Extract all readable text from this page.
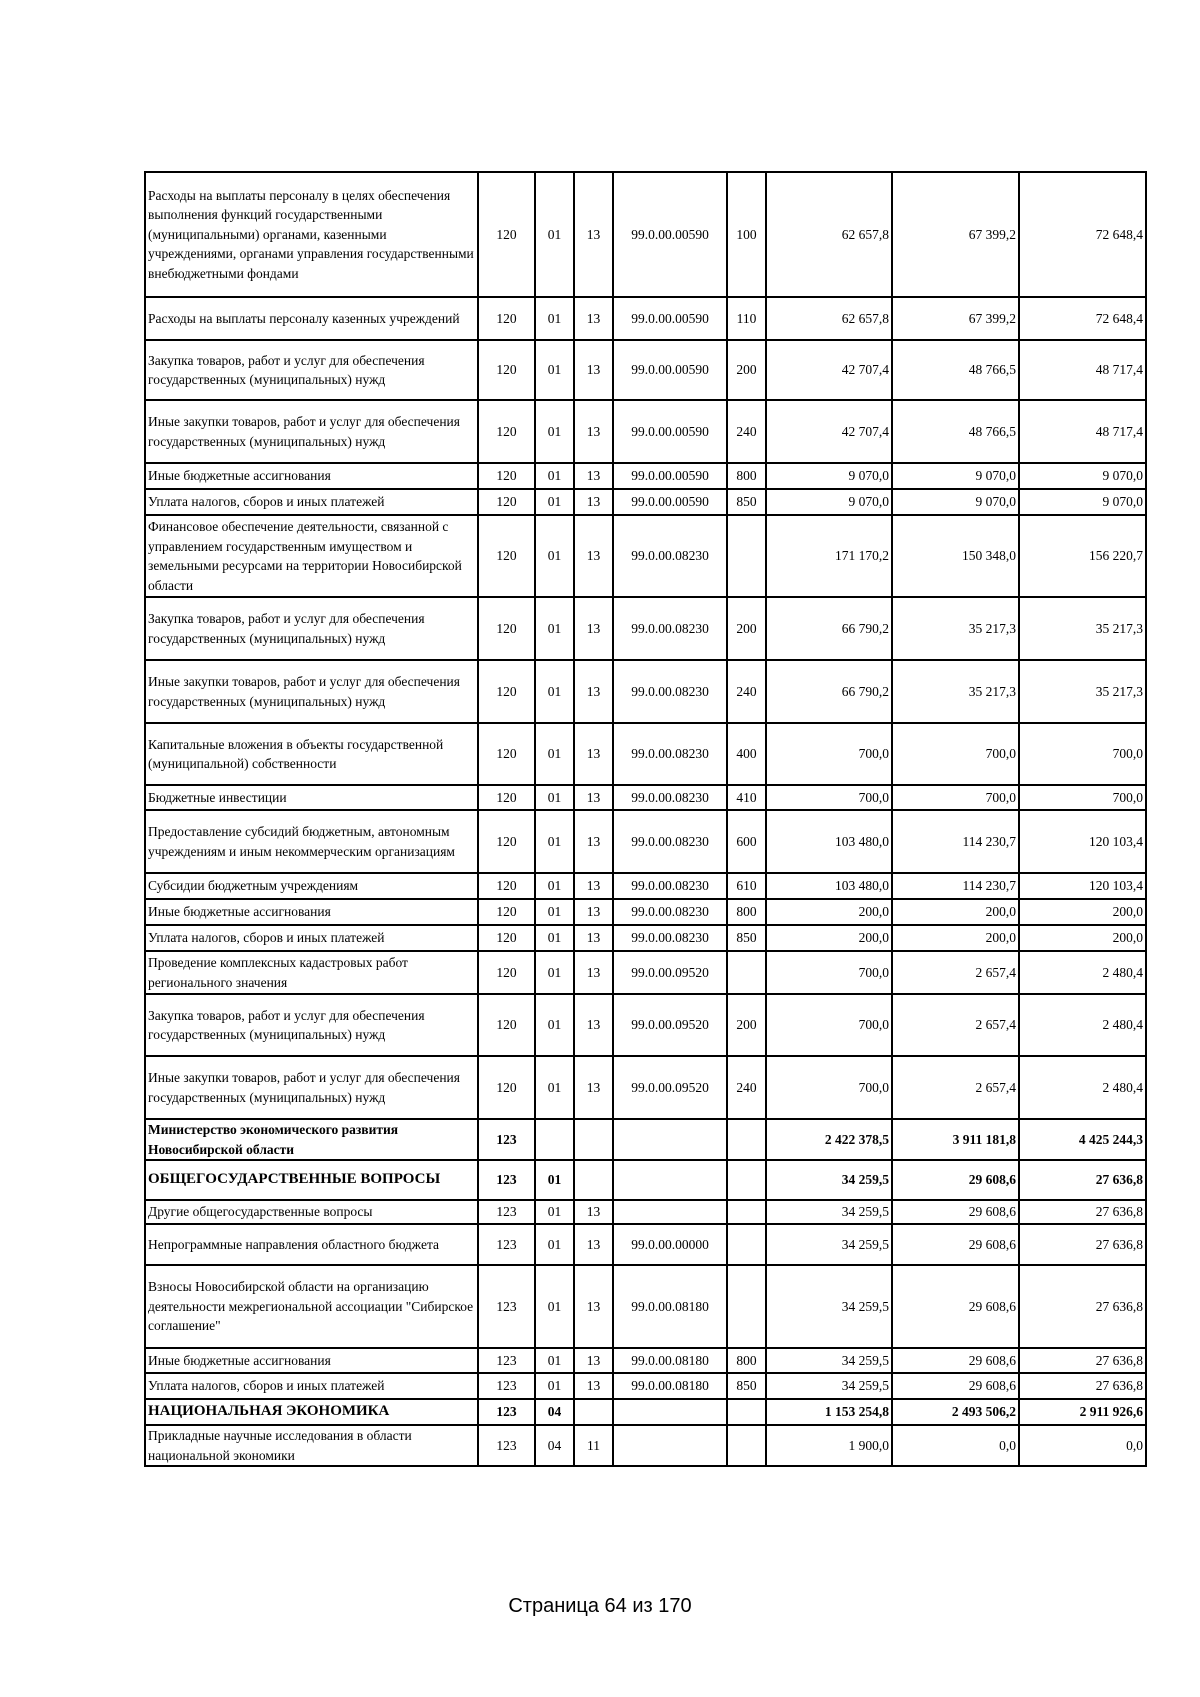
Расходы на выплаты персоналу в целях обеспечения выполнения функций государственными (муниципальными) органами, казенными учреждениями, органами управления государственными внебюджетными фондами	120	01	13	99.0.00.00590	100	62 657,8	67 399,2	72 648,4
Расходы на выплаты персоналу казенных учреждений	120	01	13	99.0.00.00590	110	62 657,8	67 399,2	72 648,4
Закупка товаров, работ и услуг для обеспечения государственных (муниципальных) нужд	120	01	13	99.0.00.00590	200	42 707,4	48 766,5	48 717,4
Иные закупки товаров, работ и услуг для обеспечения государственных (муниципальных) нужд	120	01	13	99.0.00.00590	240	42 707,4	48 766,5	48 717,4
Иные бюджетные ассигнования	120	01	13	99.0.00.00590	800	9 070,0	9 070,0	9 070,0
Уплата налогов, сборов и иных платежей	120	01	13	99.0.00.00590	850	9 070,0	9 070,0	9 070,0
Финансовое обеспечение деятельности, связанной с управлением государственным имуществом и земельными ресурсами на территории Новосибирской области	120	01	13	99.0.00.08230		171 170,2	150 348,0	156 220,7
Закупка товаров, работ и услуг для обеспечения государственных (муниципальных) нужд	120	01	13	99.0.00.08230	200	66 790,2	35 217,3	35 217,3
Иные закупки товаров, работ и услуг для обеспечения государственных (муниципальных) нужд	120	01	13	99.0.00.08230	240	66 790,2	35 217,3	35 217,3
Капитальные вложения в объекты государственной (муниципальной) собственности	120	01	13	99.0.00.08230	400	700,0	700,0	700,0
Бюджетные инвестиции	120	01	13	99.0.00.08230	410	700,0	700,0	700,0
Предоставление субсидий бюджетным, автономным учреждениям и иным некоммерческим организациям	120	01	13	99.0.00.08230	600	103 480,0	114 230,7	120 103,4
Субсидии бюджетным учреждениям	120	01	13	99.0.00.08230	610	103 480,0	114 230,7	120 103,4
Иные бюджетные ассигнования	120	01	13	99.0.00.08230	800	200,0	200,0	200,0
Уплата налогов, сборов и иных платежей	120	01	13	99.0.00.08230	850	200,0	200,0	200,0
Проведение комплексных кадастровых работ регионального значения	120	01	13	99.0.00.09520		700,0	2 657,4	2 480,4
Закупка товаров, работ и услуг для обеспечения государственных (муниципальных) нужд	120	01	13	99.0.00.09520	200	700,0	2 657,4	2 480,4
Иные закупки товаров, работ и услуг для обеспечения государственных (муниципальных) нужд	120	01	13	99.0.00.09520	240	700,0	2 657,4	2 480,4
Министерство экономического развития Новосибирской области	123					2 422 378,5	3 911 181,8	4 425 244,3
ОБЩЕГОСУДАРСТВЕННЫЕ ВОПРОСЫ	123	01				34 259,5	29 608,6	27 636,8
Другие общегосударственные вопросы	123	01	13			34 259,5	29 608,6	27 636,8
Непрограммные направления областного бюджета	123	01	13	99.0.00.00000		34 259,5	29 608,6	27 636,8
Взносы Новосибирской области на организацию деятельности межрегиональной ассоциации "Сибирское соглашение"	123	01	13	99.0.00.08180		34 259,5	29 608,6	27 636,8
Иные бюджетные ассигнования	123	01	13	99.0.00.08180	800	34 259,5	29 608,6	27 636,8
Уплата налогов, сборов и иных платежей	123	01	13	99.0.00.08180	850	34 259,5	29 608,6	27 636,8
НАЦИОНАЛЬНАЯ ЭКОНОМИКА	123	04				1 153 254,8	2 493 506,2	2 911 926,6
Прикладные научные исследования в области национальной экономики	123	04	11			1 900,0	0,0	0,0
Страница 64 из 170
